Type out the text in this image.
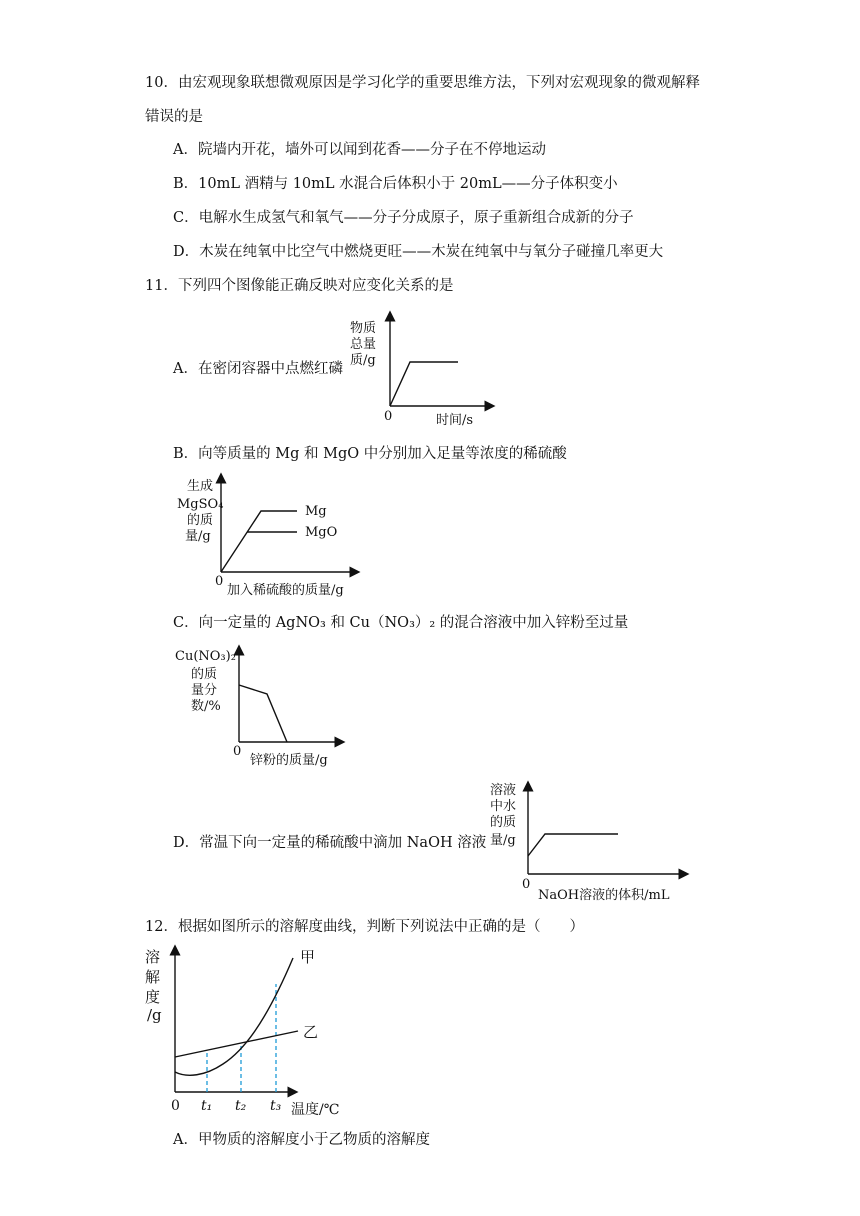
10．由宏观现象联想微观原因是学习化学的重要思维方法，下列对宏观现象的微观解释
错误的是
A．院墙内开花，墙外可以闻到花香——分子在不停地运动
B．10mL 酒精与 10mL 水混合后体积小于 20mL——分子体积变小
C．电解水生成氢气和氧气——分子分成原子，原子重新组合成新的分子
D．木炭在纯氧中比空气中燃烧更旺——木炭在纯氧中与氧分子碰撞几率更大
11．下列四个图像能正确反映对应变化关系的是
A．在密闭容器中点燃红磷
物质
总量
质/g
0	时间/s
B．向等质量的 Mg 和 MgO 中分别加入足量等浓度的稀硫酸
生成
MgSO₄
的质
量/g
0
Mg
MgO
加入稀硫酸的质量/g
C．向一定量的 AgNO₃ 和 Cu（NO₃）₂ 的混合溶液中加入锌粉至过量
Cu(NO₃)₂
的质
量分
数/%
0
锌粉的质量/g
D．常温下向一定量的稀硫酸中滴加 NaOH 溶液
溶液
中水
的质
量/g
0
NaOH溶液的体积/mL
12．根据如图所示的溶解度曲线，判断下列说法中正确的是（　　）
溶
解
度
/g
0
甲
乙
t₁ t₂ t₃ 温度/℃
A．甲物质的溶解度小于乙物质的溶解度
